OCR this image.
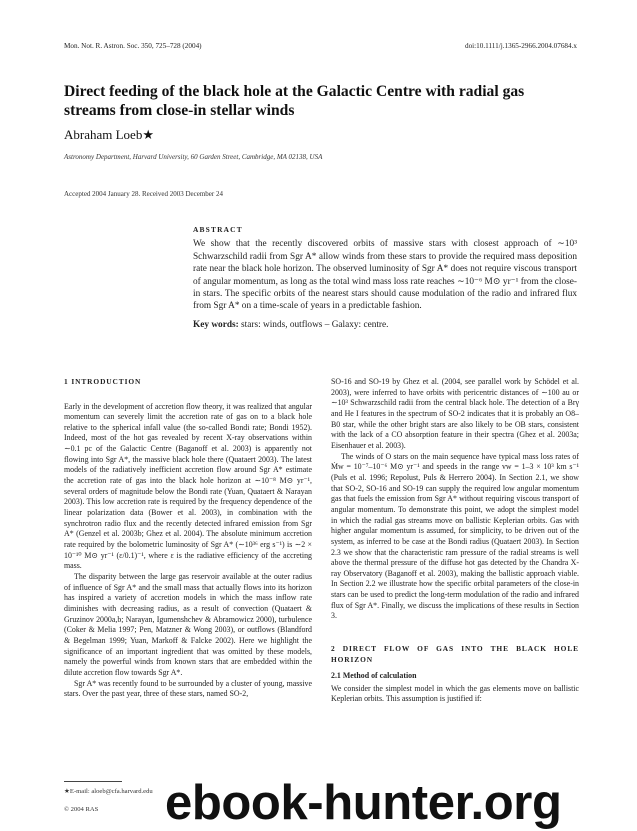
Mon. Not. R. Astron. Soc. 350, 725–728 (2004)	doi:10.1111/j.1365-2966.2004.07684.x
Direct feeding of the black hole at the Galactic Centre with radial gas streams from close-in stellar winds
Abraham Loeb★
Astronomy Department, Harvard University, 60 Garden Street, Cambridge, MA 02138, USA
Accepted 2004 January 28. Received 2003 December 24
ABSTRACT
We show that the recently discovered orbits of massive stars with closest approach of ∼10³ Schwarzschild radii from Sgr A* allow winds from these stars to provide the required mass deposition rate near the black hole horizon. The observed luminosity of Sgr A* does not require viscous transport of angular momentum, as long as the total wind mass loss rate reaches ∼10⁻⁶ M⊙ yr⁻¹ from the close-in stars. The specific orbits of the nearest stars should cause modulation of the radio and infrared flux from Sgr A* on a time-scale of years in a predictable fashion.
Key words: stars: winds, outflows – Galaxy: centre.
1 INTRODUCTION

Early in the development of accretion flow theory, it was realized that angular momentum can severely limit the accretion rate of gas on to a black hole relative to the spherical infall value (the so-called Bondi rate; Bondi 1952). Indeed, most of the hot gas revealed by recent X-ray observations within ∼0.1 pc of the Galactic Centre (Baganoff et al. 2003) is apparently not flowing into Sgr A*, the massive black hole there (Quataert 2003). The latest models of the radiatively inefficient accretion flow around Sgr A* estimate the accretion rate of gas into the black hole horizon at ∼10⁻⁸ M⊙ yr⁻¹, several orders of magnitude below the Bondi rate (Yuan, Quataert & Narayan 2003). This low accretion rate is required by the frequency dependence of the linear polarization data (Bower et al. 2003), in combination with the synchrotron radio flux and the recently detected infrared emission from Sgr A* (Genzel et al. 2003b; Ghez et al. 2004). The absolute minimum accretion rate required by the bolometric luminosity of Sgr A* (∼10³⁶ erg s⁻¹) is ∼2 × 10⁻¹⁰ M⊙ yr⁻¹ (ε/0.1)⁻¹, where ε is the radiative efficiency of the accreting mass.

The disparity between the large gas reservoir available at the outer radius of influence of Sgr A* and the small mass that actually flows into its horizon has inspired a variety of accretion models in which the mass inflow rate diminishes with decreasing radius, as a result of convection (Quataert & Gruzinov 2000a,b; Narayan, Igumenshchev & Abramowicz 2000), turbulence (Coker & Melia 1997; Pen, Matzner & Wong 2003), or outflows (Blandford & Begelman 1999; Yuan, Markoff & Falcke 2002). Here we highlight the significance of an important ingredient that was omitted by these models, namely the powerful winds from known stars that are embedded within the dilute accretion flow towards Sgr A*.

Sgr A* was recently found to be surrounded by a cluster of young, massive stars. Over the past year, three of these stars, named SO-2,

SO-16 and SO-19 by Ghez et al. (2004, see parallel work by Schödel et al. 2003), were inferred to have orbits with pericentric distances of ∼100 au or ∼10³ Schwarzschild radii from the central black hole. The detection of a Brγ and He I features in the spectrum of SO-2 indicates that it is probably an O8–B0 star, while the other bright stars are also likely to be OB stars, consistent with the lack of a CO absorption feature in their spectra (Ghez et al. 2003a; Eisenhauer et al. 2003).

The winds of O stars on the main sequence have typical mass loss rates of Ṁw = 10⁻⁷–10⁻⁶ M⊙ yr⁻¹ and speeds in the range vw = 1–3 × 10³ km s⁻¹ (Puls et al. 1996; Repolust, Puls & Herrero 2004). In Section 2.1, we show that SO-2, SO-16 and SO-19 can supply the required low angular momentum gas that fuels the emission from Sgr A* without requiring viscous transport of angular momentum. To demonstrate this point, we adopt the simplest model in which the radial gas streams move on ballistic Keplerian orbits. Gas with higher angular momentum is assumed, for simplicity, to be driven out of the system, as inferred to be case at the Bondi radius (Quataert 2003). In Section 2.3 we show that the characteristic ram pressure of the radial streams is well above the thermal pressure of the diffuse hot gas detected by the Chandra X-ray Observatory (Baganoff et al. 2003), making the ballistic approach viable. In Section 2.2 we illustrate how the specific orbital parameters of the close-in stars can be used to predict the long-term modulation of the radio and infrared flux of Sgr A*. Finally, we discuss the implications of these results in Section 3.

2 DIRECT FLOW OF GAS INTO THE BLACK HOLE HORIZON
2.1 Method of calculation

We consider the simplest model in which the gas elements move on ballistic Keplerian orbits. This assumption is justified if:

★E-mail: aloeb@cfa.harvard.edu
© 2004 RAS ebook-hunter.org
